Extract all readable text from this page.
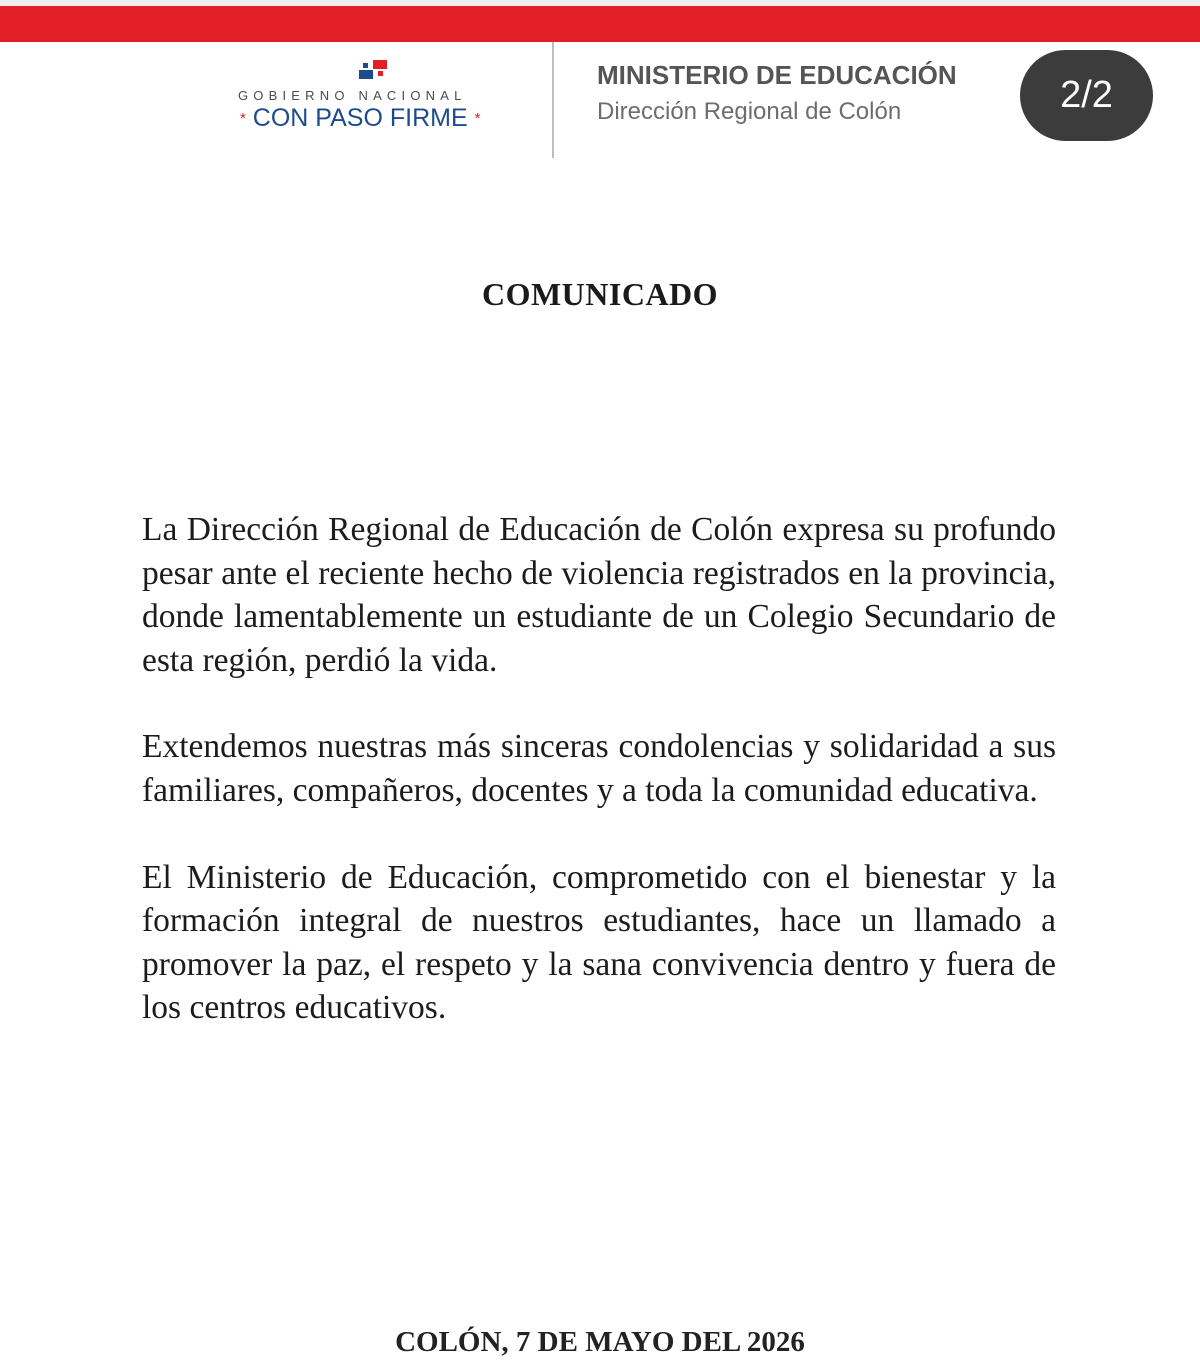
GOBIERNO NACIONAL
* CON PASO FIRME *
MINISTERIO DE EDUCACIÓN
Dirección Regional de Colón	2/2
COMUNICADO

La Dirección Regional de Educación de Colón expresa su profundo pesar ante el reciente hecho de violencia registrados en la provincia, donde lamentablemente un estudiante de un Colegio Secundario de esta región, perdió la vida.

Extendemos nuestras más sinceras condolencias y solidaridad a sus familiares, compañeros, docentes y a toda la comunidad educativa.

El Ministerio de Educación, comprometido con el bienestar y la formación integral de nuestros estudiantes, hace un llamado a promover la paz, el respeto y la sana convivencia dentro y fuera de los centros educativos.

COLÓN, 7 DE MAYO DEL 2026
